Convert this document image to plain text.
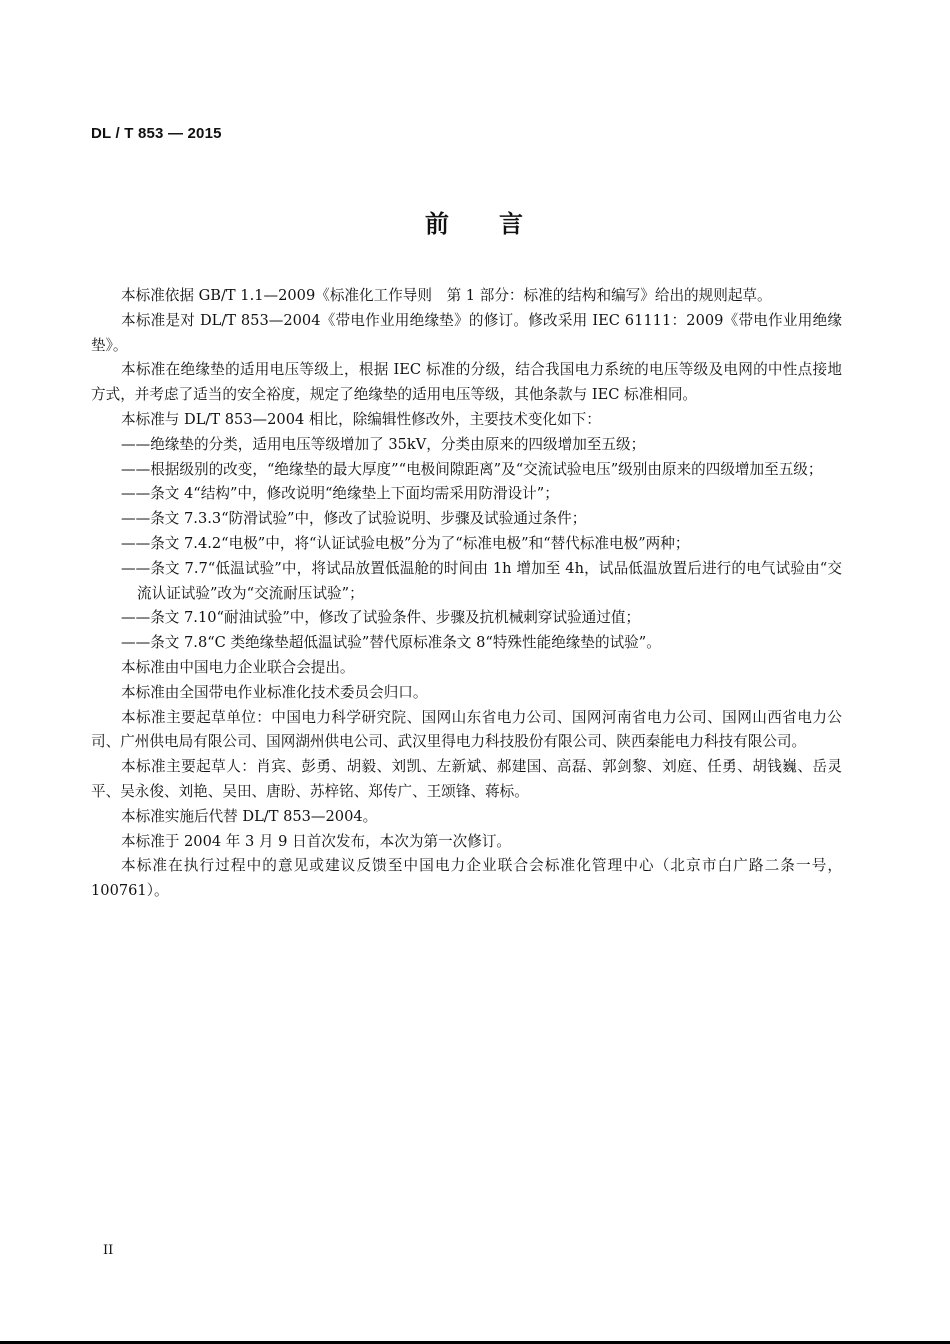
DL / T 853 — 2015
前 言

本标准依据 GB/T 1.1—2009《标准化工作导则　第 1 部分：标准的结构和编写》给出的规则起草。

本标准是对 DL/T 853—2004《带电作业用绝缘垫》的修订。修改采用 IEC 61111：2009《带电作业用绝缘垫》。

本标准在绝缘垫的适用电压等级上，根据 IEC 标准的分级，结合我国电力系统的电压等级及电网的中性点接地方式，并考虑了适当的安全裕度，规定了绝缘垫的适用电压等级，其他条款与 IEC 标准相同。

本标准与 DL/T 853—2004 相比，除编辑性修改外，主要技术变化如下：

——绝缘垫的分类，适用电压等级增加了 35kV，分类由原来的四级增加至五级；

——根据级别的改变，“绝缘垫的最大厚度”“电极间隙距离”及“交流试验电压”级别由原来的四级增加至五级；

——条文 4“结构”中，修改说明“绝缘垫上下面均需采用防滑设计”；

——条文 7.3.3“防滑试验”中，修改了试验说明、步骤及试验通过条件；

——条文 7.4.2“电极”中，将“认证试验电极”分为了“标准电极”和“替代标准电极”两种；

——条文 7.7“低温试验”中，将试品放置低温舱的时间由 1h 增加至 4h，试品低温放置后进行的电气试验由“交流认证试验”改为“交流耐压试验”；

——条文 7.10“耐油试验”中，修改了试验条件、步骤及抗机械刺穿试验通过值；

——条文 7.8“C 类绝缘垫超低温试验”替代原标准条文 8“特殊性能绝缘垫的试验”。

本标准由中国电力企业联合会提出。

本标准由全国带电作业标准化技术委员会归口。

本标准主要起草单位：中国电力科学研究院、国网山东省电力公司、国网河南省电力公司、国网山西省电力公司、广州供电局有限公司、国网湖州供电公司、武汉里得电力科技股份有限公司、陕西秦能电力科技有限公司。

本标准主要起草人：肖宾、彭勇、胡毅、刘凯、左新斌、郝建国、高磊、郭剑黎、刘庭、任勇、胡钱巍、岳灵平、吴永俊、刘艳、吴田、唐盼、苏梓铭、郑传广、王颂锋、蒋标。

本标准实施后代替 DL/T 853—2004。

本标准于 2004 年 3 月 9 日首次发布，本次为第一次修订。

本标准在执行过程中的意见或建议反馈至中国电力企业联合会标准化管理中心（北京市白广路二条一号，100761）。

II
